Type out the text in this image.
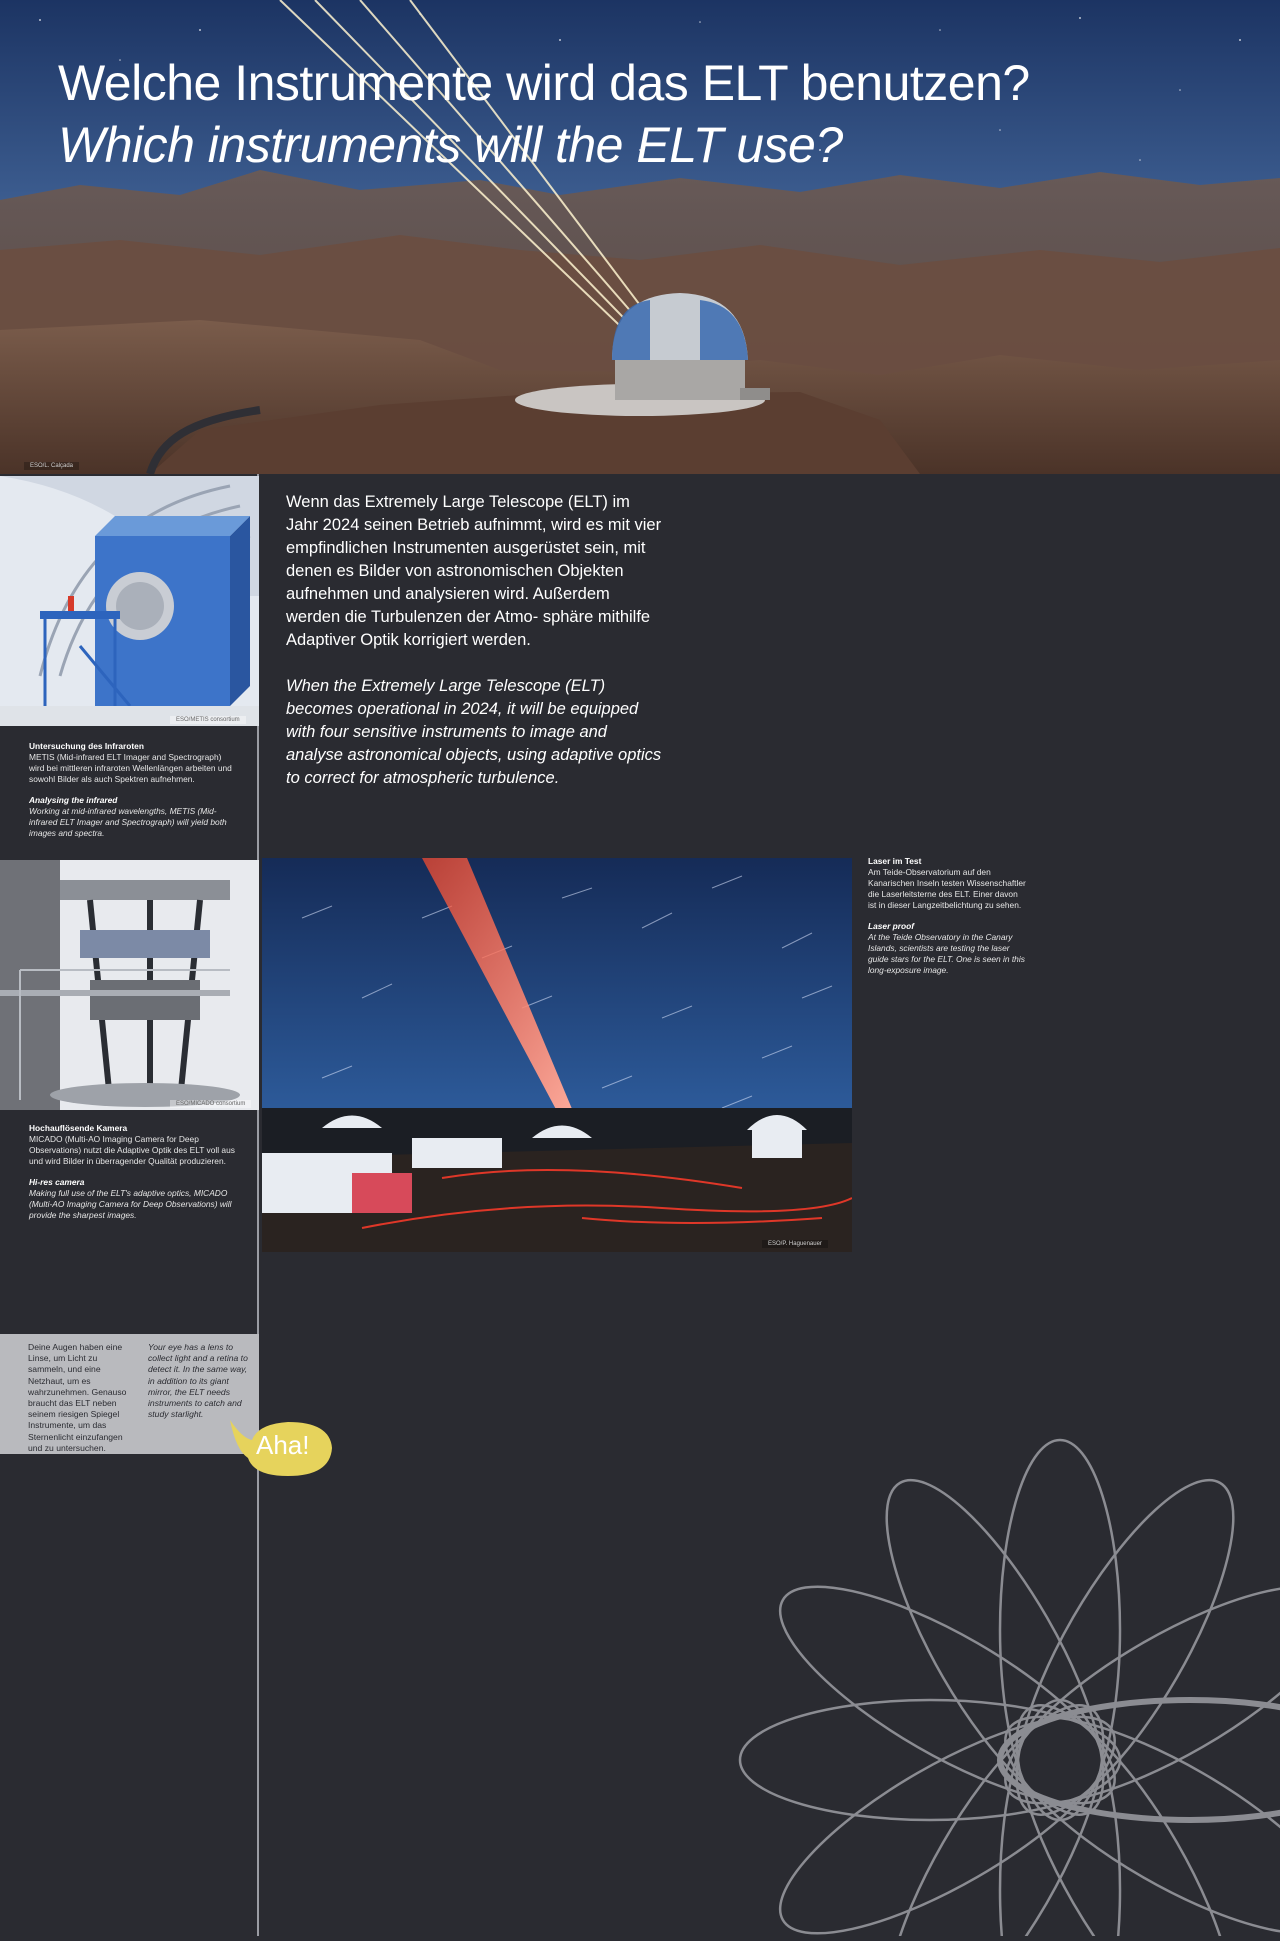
Welche Instrumente wird das ELT benutzen?
Which instruments will the ELT use?
ESO/L. Calçada
ESO/METIS consortium
Untersuchung des Infraroten
METIS (Mid-infrared ELT Imager and Spectrograph) wird bei mittleren infraroten Wellenlängen arbeiten und sowohl Bilder als auch Spektren aufnehmen.
Analysing the infrared
Working at mid-infrared wavelengths, METIS (Mid-infrared ELT Imager and Spectrograph) will yield both images and spectra.
ESO/MICADO consortium
Hochauflösende Kamera
MICADO (Multi-AO Imaging Camera for Deep Observations) nutzt die Adaptive Optik des ELT voll aus und wird Bilder in überragender Qualität produzieren.
Hi-res camera
Making full use of the ELT's adaptive optics, MICADO (Multi-AO Imaging Camera for Deep Observations) will provide the sharpest images.

Wenn das Extremely Large Telescope (ELT) im Jahr 2024 seinen Betrieb aufnimmt, wird es mit vier empfindlichen Instrumenten ausgerüstet sein, mit denen es Bilder von astronomischen Objekten aufnehmen und analysieren wird. Außerdem werden die Turbulenzen der Atmo- sphäre mithilfe Adaptiver Optik korrigiert werden.

When the Extremely Large Telescope (ELT) becomes operational in 2024, it will be equipped with four sensitive instruments to image and analyse astronomical objects, using adaptive optics to correct for atmospheric turbulence.

ESO/P. Haguenauer
Laser im Test
Am Teide-Observatorium auf den Kanarischen Inseln testen Wissenschaftler die Laserleitsterne des ELT. Einer davon ist in dieser Langzeitbelichtung zu sehen.
Laser proof
At the Teide Observatory in the Canary Islands, scientists are testing the laser guide stars for the ELT. One is seen in this long-exposure image.
Deine Augen haben eine Linse, um Licht zu sammeln, und eine Netzhaut, um es wahrzunehmen. Genauso braucht das ELT neben seinem riesigen Spiegel Instrumente, um das Sternenlicht einzufangen und zu untersuchen.
Your eye has a lens to collect light and a retina to detect it. In the same way, in addition to its giant mirror, the ELT needs instruments to catch and study starlight.
Aha!
